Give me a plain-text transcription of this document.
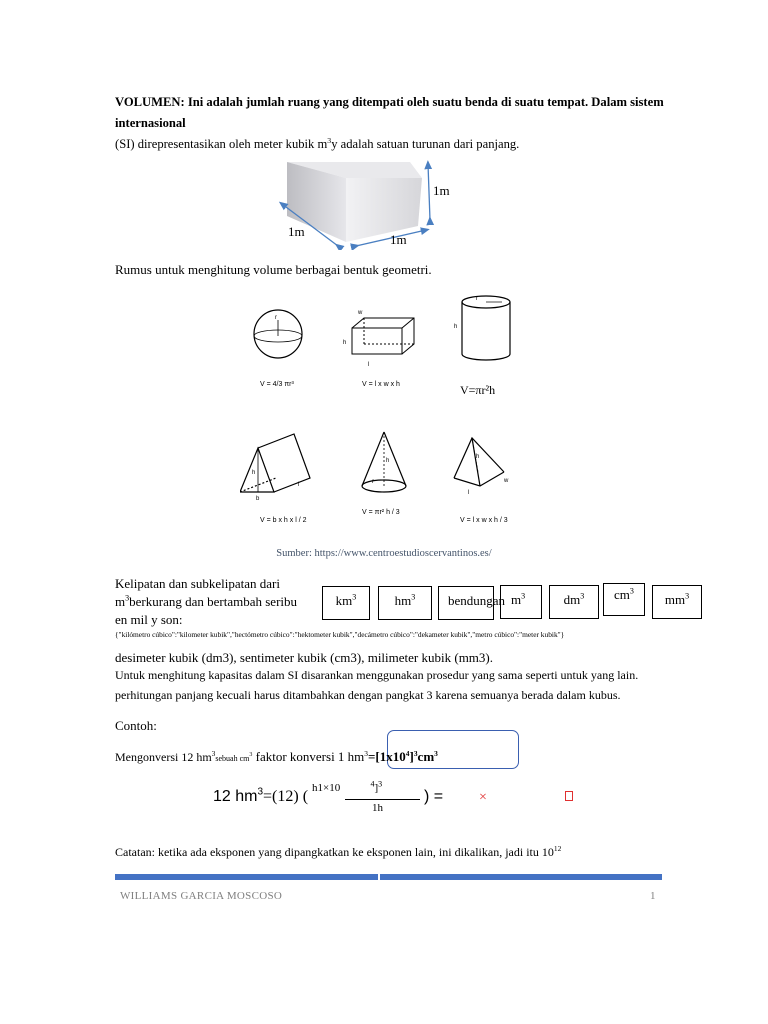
VOLUMEN: Ini adalah jumlah ruang yang ditempati oleh suatu benda di suatu tempat. Dalam sistem internasional
(SI) direpresentasikan oleh meter kubik $m^3y$ adalah satuan turunan dari panjang.
1m
1m
1m
Rumus untuk menghitung volume berbagai bentuk geometri.
r
V = 4/3 πr³
w
h
l
V = l x w x h
r
h
V=πr²h
h
b
l
V = b x h x l / 2
h
r
V = πr² h / 3
h
w
l
V = l x w x h / 3
Sumber: https://www.centroestudioscervantinos.es/
Kelipatan dan subkelipatan dari
$m^3berkurang$ dan bertambah seribu
en mil y son:
$km^3$	$hm^3$	bendungan $m^3$	$dm^3$	$cm^3$
$mm^3$
{"kilómetro cúbico":"kilometer kubik","hectómetro cúbico":"hektometer kubik","decámetro cúbico":"dekameter kubik","metro cúbico":"meter kubik"}
desimeter kubik (dm3), sentimeter kubik (cm3), milimeter kubik (mm3).
Untuk menghitung kapasitas dalam SI disarankan menggunakan prosedur yang sama seperti untuk yang lain.
perhitungan panjang kecuali harus ditambahkan dengan pangkat 3 karena semuanya berada dalam kubus.
Contoh:
Mengonversi 12 $hm^3sebuah$ $cm^3$ faktor konversi 1 $hm^3=[1x10^4]^3cm^3$
12 $hm^3=(12)$ ( h1×10	$^4$]$^3$
1h
) =	×
Catatan: ketika ada eksponen yang dipangkatkan ke eksponen lain, ini dikalikan, jadi itu $10^{12}$
WILLIAMS GARCIA MOSCOSO	1
